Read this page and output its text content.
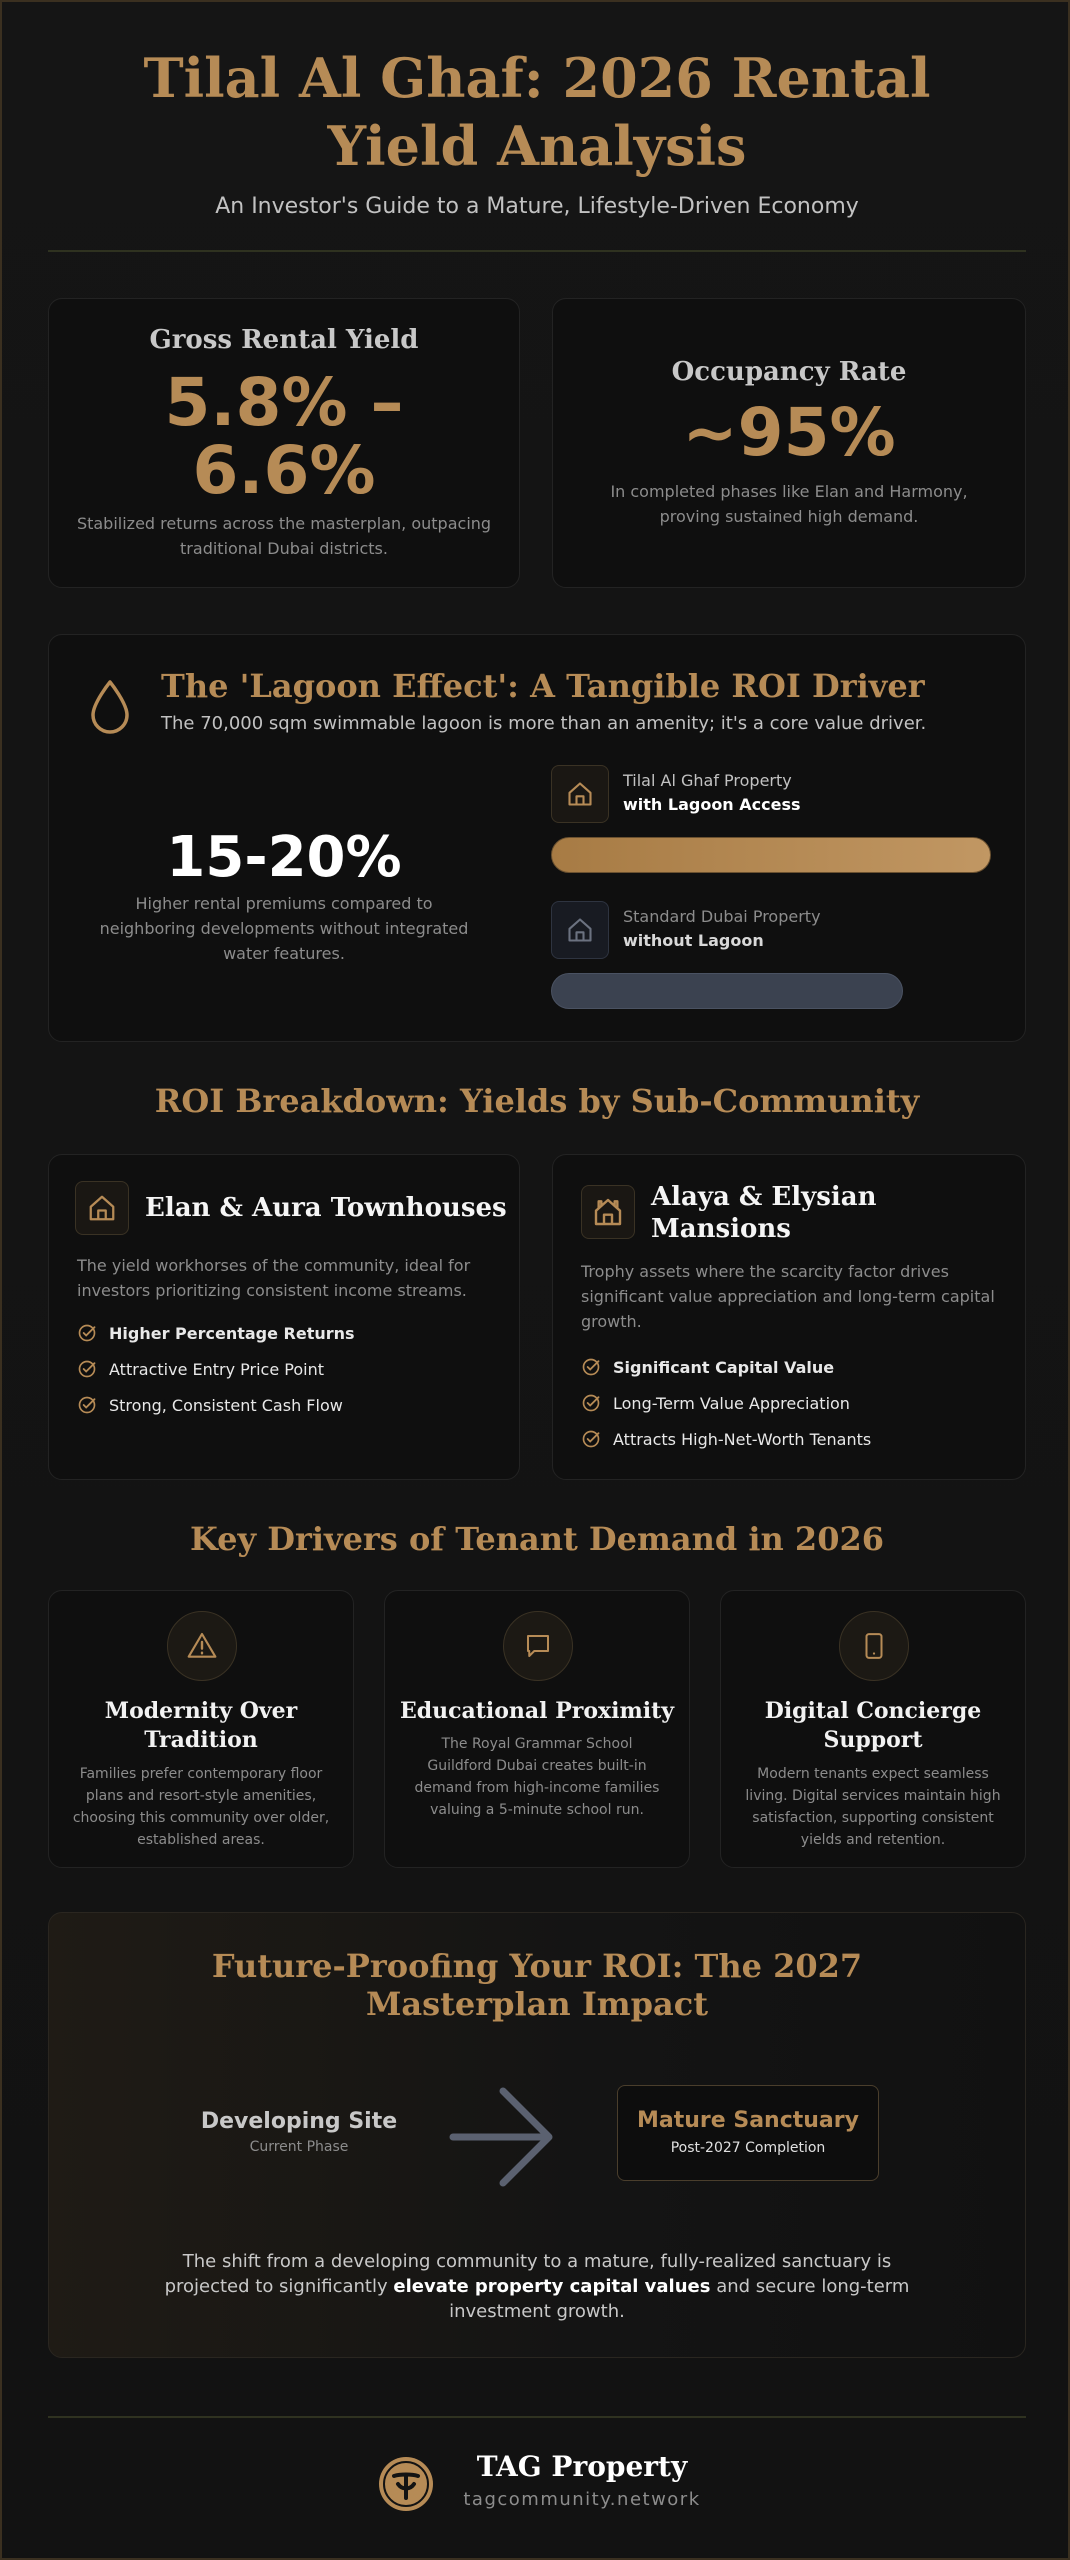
Tilal Al Ghaf: 2026 Rental Yield Analysis
An Investor's Guide to a Mature, Lifestyle-Driven Economy
Gross Rental Yield
5.8% – 6.6%
Stabilized returns across the masterplan, outpacing traditional Dubai districts.
Occupancy Rate
~95%
In completed phases like Elan and Harmony, proving sustained high demand.
The 'Lagoon Effect': A Tangible ROI Driver
The 70,000 sqm swimmable lagoon is more than an amenity; it's a core value driver.
15-20%
Higher rental premiums compared to neighboring developments without integrated water features.
Tilal Al Ghaf Property
with Lagoon Access
Standard Dubai Property
without Lagoon
ROI Breakdown: Yields by Sub-Community
Elan & Aura Townhouses
The yield workhorses of the community, ideal for investors prioritizing consistent income streams.
Higher Percentage Returns
Attractive Entry Price Point
Strong, Consistent Cash Flow
Alaya & Elysian Mansions
Trophy assets where the scarcity factor drives significant value appreciation and long-term capital growth.
Significant Capital Value
Long-Term Value Appreciation
Attracts High-Net-Worth Tenants
Key Drivers of Tenant Demand in 2026
Modernity Over Tradition
Families prefer contemporary floor plans and resort-style amenities, choosing this community over older, established areas.
Educational Proximity
The Royal Grammar School Guildford Dubai creates built-in demand from high-income families valuing a 5-minute school run.
Digital Concierge Support
Modern tenants expect seamless living. Digital services maintain high satisfaction, supporting consistent yields and retention.
Future-Proofing Your ROI: The 2027 Masterplan Impact
Developing Site
Current Phase
Mature Sanctuary
Post-2027 Completion
The shift from a developing community to a mature, fully-realized sanctuary is projected to significantly elevate property capital values and secure long-term investment growth.
TAG Property
tagcommunity.network
